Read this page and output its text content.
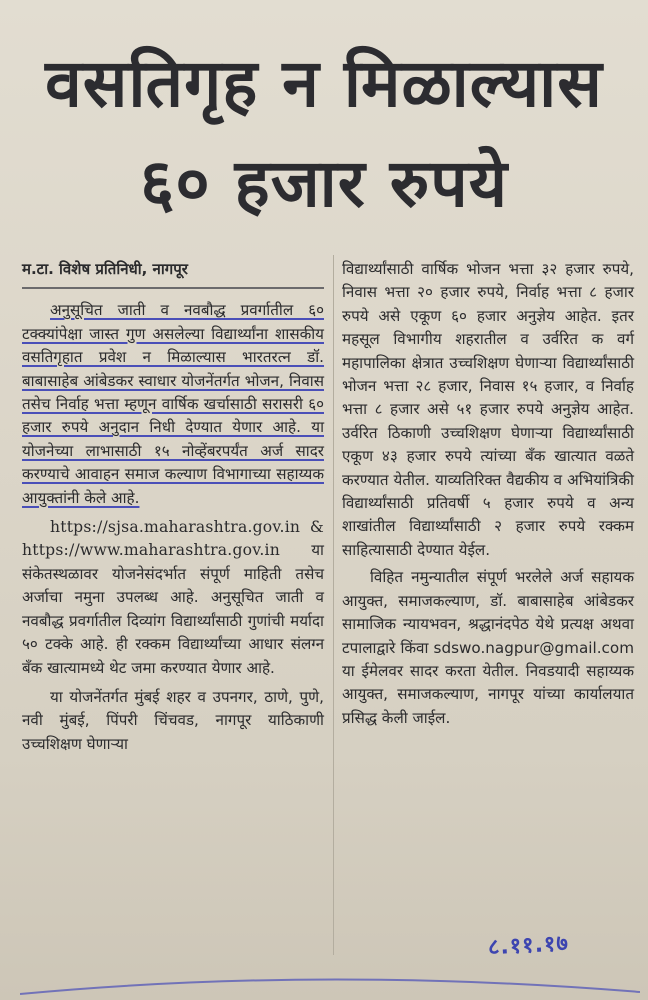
वसतिगृह न मिळाल्यास
६० हजार रुपये
म.टा. विशेष प्रतिनिधी, नागपूर

अनुसूचित जाती व नवबौद्ध प्रवर्गातील ६० टक्क्यांपेक्षा जास्त गुण असलेल्या विद्यार्थ्यांना शासकीय वसतिगृहात प्रवेश न मिळाल्यास भारतरत्न डॉ. बाबासाहेब आंबेडकर स्वाधार योजनेंतर्गत भोजन, निवास तसेच निर्वाह भत्ता म्हणून वार्षिक खर्चासाठी सरासरी ६० हजार रुपये अनुदान निधी देण्यात येणार आहे. या योजनेच्या लाभासाठी १५ नोव्हेंबरपर्यंत अर्ज सादर करण्याचे आवाहन समाज कल्याण विभागाच्या सहाय्यक आयुक्तांनी केले आहे.

https://sjsa.maharashtra.gov.in & https://www.maharashtra.gov.in या संकेतस्थळावर योजनेसंदर्भात संपूर्ण माहिती तसेच अर्जाचा नमुना उपलब्ध आहे. अनुसूचित जाती व नवबौद्ध प्रवर्गातील दिव्यांग विद्यार्थ्यांसाठी गुणांची मर्यादा ५० टक्के आहे. ही रक्कम विद्यार्थ्यांच्या आधार संलग्न बँक खात्यामध्ये थेट जमा करण्यात येणार आहे.

या योजनेंतर्गत मुंबई शहर व उपनगर, ठाणे, पुणे, नवी मुंबई, पिंपरी चिंचवड, नागपूर याठिकाणी उच्चशिक्षण घेणाऱ्या

विद्यार्थ्यांसाठी वार्षिक भोजन भत्ता ३२ हजार रुपये, निवास भत्ता २० हजार रुपये, निर्वाह भत्ता ८ हजार रुपये असे एकूण ६० हजार अनुज्ञेय आहेत. इतर महसूल विभागीय शहरातील व उर्वरित क वर्ग महापालिका क्षेत्रात उच्चशिक्षण घेणाऱ्या विद्यार्थ्यांसाठी भोजन भत्ता २८ हजार, निवास १५ हजार, व निर्वाह भत्ता ८ हजार असे ५१ हजार रुपये अनुज्ञेय आहेत. उर्वरित ठिकाणी उच्चशिक्षण घेणाऱ्या विद्यार्थ्यांसाठी एकूण ४३ हजार रुपये त्यांच्या बँक खात्यात वळते करण्यात येतील. याव्यतिरिक्त वैद्यकीय व अभियांत्रिकी विद्यार्थ्यांसाठी प्रतिवर्षी ५ हजार रुपये व अन्य शाखांतील विद्यार्थ्यांसाठी २ हजार रुपये रक्कम साहित्यासाठी देण्यात येईल.

विहित नमुन्यातील संपूर्ण भरलेले अर्ज सहायक आयुक्त, समाजकल्याण, डॉ. बाबासाहेब आंबेडकर सामाजिक न्यायभवन, श्रद्धानंदपेठ येथे प्रत्यक्ष अथवा टपालाद्वारे किंवा sdswo.nagpur@gmail.com या ईमेलवर सादर करता येतील. निवडयादी सहाय्यक आयुक्त, समाजकल्याण, नागपूर यांच्या कार्यालयात प्रसिद्ध केली जाईल.

८.११.१७
